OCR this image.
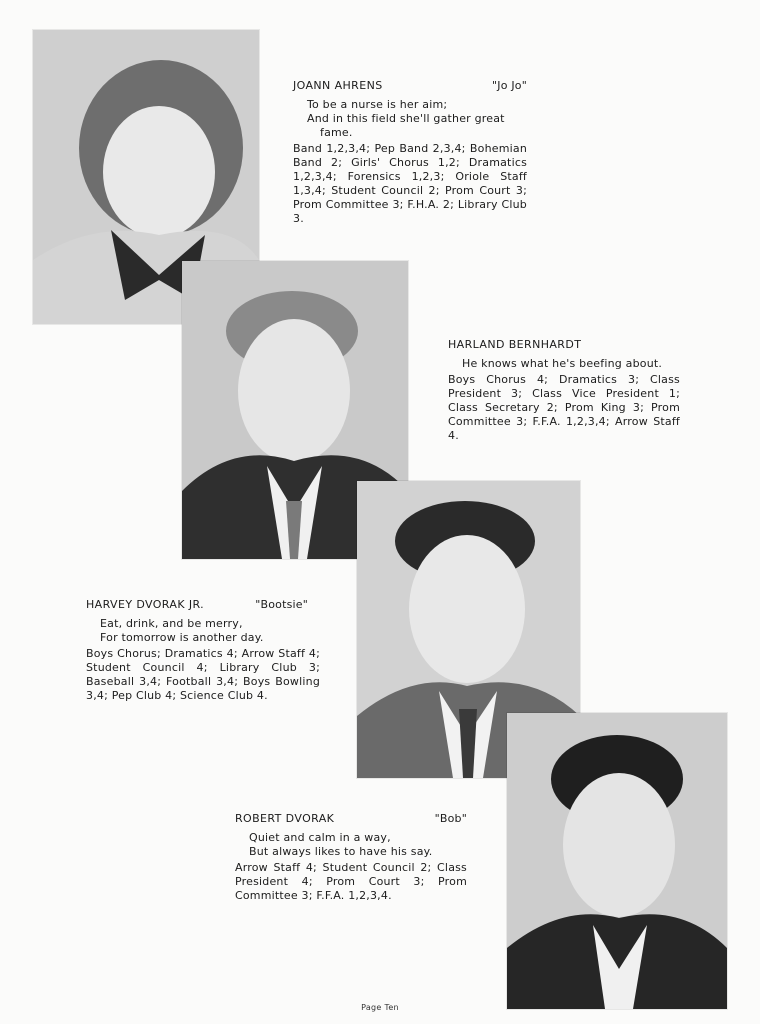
JOANN AHRENS	"Jo Jo"
To be a nurse is her aim;
And in this field she'll gather great
fame.
Band 1,2,3,4; Pep Band 2,3,4; Bohemian Band 2; Girls' Chorus 1,2; Dramatics 1,2,3,4; Forensics 1,2,3; Oriole Staff 1,3,4; Student Council 2; Prom Court 3; Prom Committee 3; F.H.A. 2; Library Club 3.
HARLAND BERNHARDT
He knows what he's beefing about.
Boys Chorus 4; Dramatics 3; Class President 3; Class Vice President 1; Class Secretary 2; Prom King 3; Prom Committee 3; F.F.A. 1,2,3,4; Arrow Staff 4.
HARVEY DVORAK JR.	"Bootsie"
Eat, drink, and be merry,
For tomorrow is another day.
Boys Chorus; Dramatics 4; Arrow Staff 4; Student Council 4; Library Club 3; Baseball 3,4; Football 3,4; Boys Bowling 3,4; Pep Club 4; Science Club 4.
ROBERT DVORAK	"Bob"
Quiet and calm in a way,
But always likes to have his say.
Arrow Staff 4; Student Council 2; Class President 4; Prom Court 3; Prom Committee 3; F.F.A. 1,2,3,4.
Page Ten
